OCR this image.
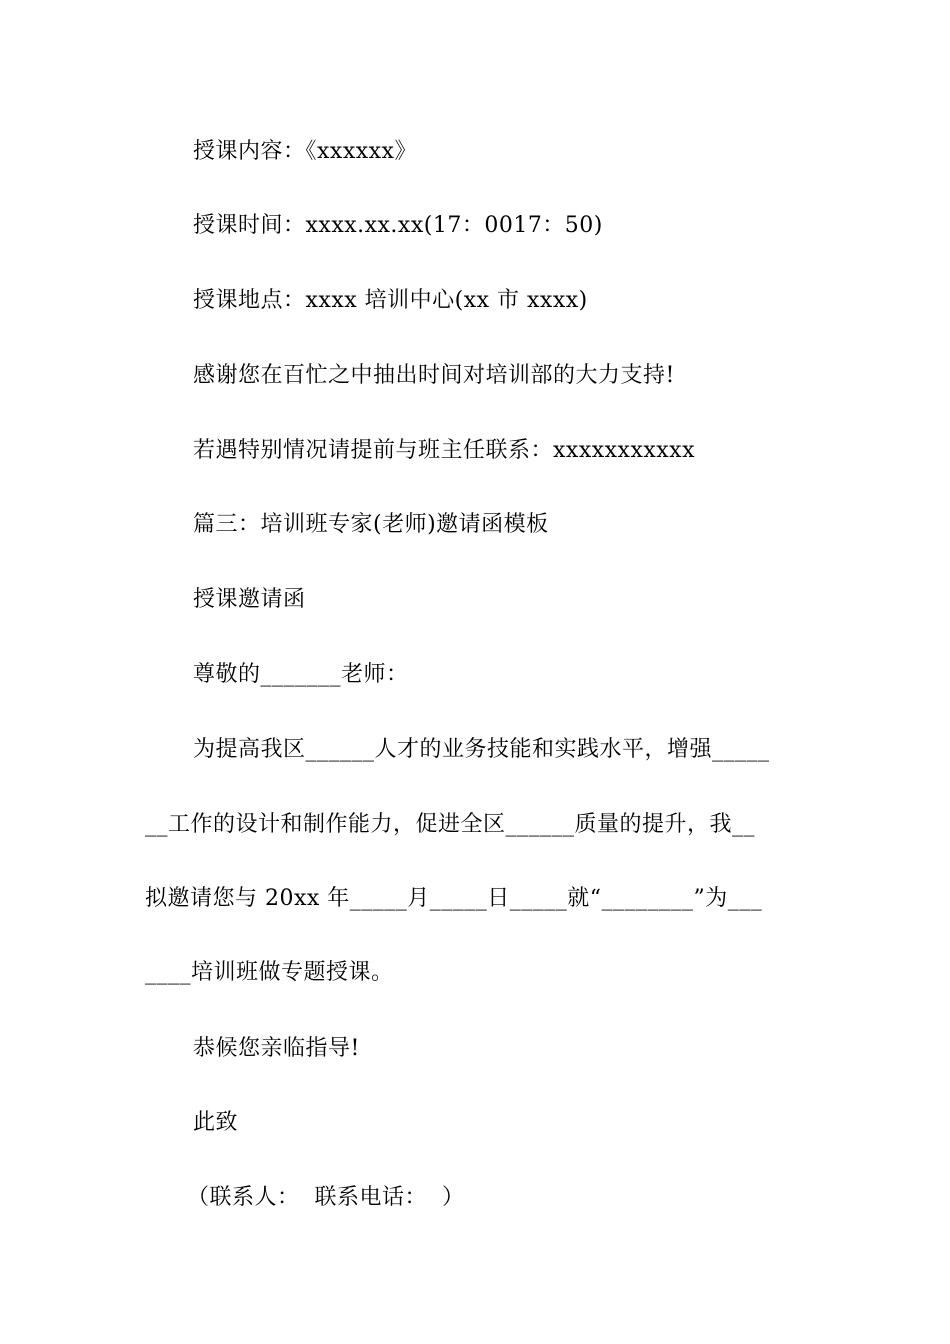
授课内容：《xxxxxx》
授课时间：xxxx.xx.xx(17：0017：50)
授课地点：xxxx 培训中心(xx 市 xxxx)
感谢您在百忙之中抽出时间对培训部的大力支持!
若遇特别情况请提前与班主任联系：xxxxxxxxxxx
篇三：培训班专家(老师)邀请函模板
授课邀请函
尊敬的_______老师：
为提高我区______人才的业务技能和实践水平，增强_____
__工作的设计和制作能力，促进全区______质量的提升，我__
拟邀请您与 20xx 年_____月_____日_____就“________”为___
____培训班做专题授课。
恭候您亲临指导!
此致
（联系人：  联系电话：  ）
